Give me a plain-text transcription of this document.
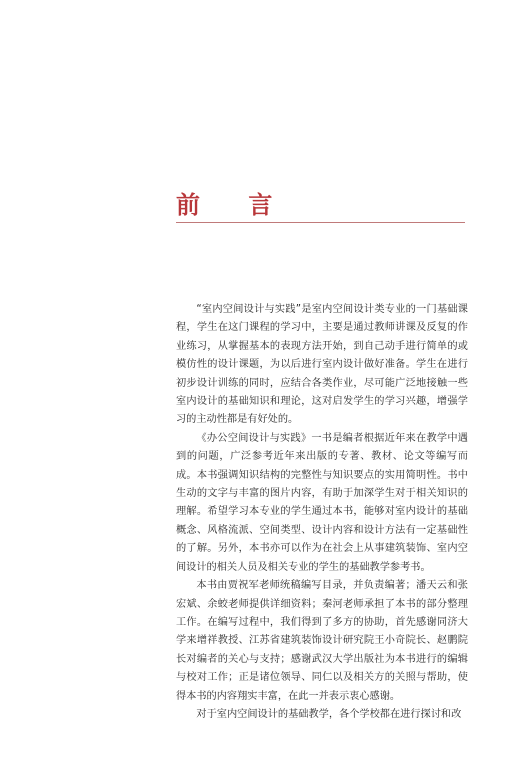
前 言

“室内空间设计与实践”是室内空间设计类专业的一门基础课程，学生在这门课程的学习中，主要是通过教师讲课及反复的作业练习，从掌握基本的表现方法开始，到自己动手进行简单的或模仿性的设计课题，为以后进行室内设计做好准备。学生在进行初步设计训练的同时，应结合各类作业，尽可能广泛地接触一些室内设计的基础知识和理论，这对启发学生的学习兴趣，增强学习的主动性都是有好处的。

《办公空间设计与实践》一书是编者根据近年来在教学中遇到的问题，广泛参考近年来出版的专著、教材、论文等编写而成。本书强调知识结构的完整性与知识要点的实用简明性。书中生动的文字与丰富的图片内容，有助于加深学生对于相关知识的理解。希望学习本专业的学生通过本书，能够对室内设计的基础概念、风格流派、空间类型、设计内容和设计方法有一定基础性的了解。另外，本书亦可以作为在社会上从事建筑装饰、室内空间设计的相关人员及相关专业的学生的基础教学参考书。

本书由贾祝军老师统稿编写目录，并负责编著；潘天云和张宏斌、余蛟老师提供详细资料；秦河老师承担了本书的部分整理工作。在编写过程中，我们得到了多方的协助，首先感谢同济大学来增祥教授、江苏省建筑装饰设计研究院王小奇院长、赵鹏院长对编者的关心与支持；感谢武汉大学出版社为本书进行的编辑与校对工作；正是诸位领导、同仁以及相关方的关照与帮助，使得本书的内容翔实丰富，在此一并表示衷心感谢。

对于室内空间设计的基础教学，各个学校都在进行探讨和改
